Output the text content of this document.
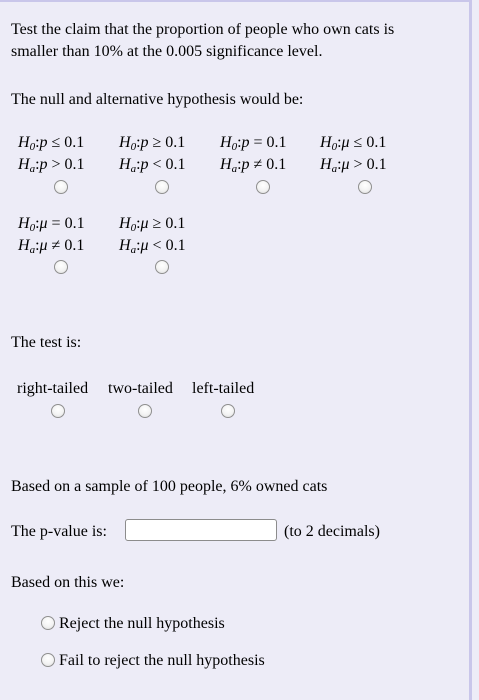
Test the claim that the proportion of people who own cats is
smaller than 10% at the 0.005 significance level.
The null and alternative hypothesis would be:
$H_0:p \le 0.1$
$H_a:p > 0.1$
$H_0:p \ge 0.1$
$H_a:p < 0.1$
$H_0:p = 0.1$
$H_a:p \ne 0.1$
$H_0:\mu \le 0.1$
$H_a:\mu > 0.1$
$H_0:\mu = 0.1$
$H_a:\mu \ne 0.1$
$H_0:\mu \ge 0.1$
$H_a:\mu < 0.1$
The test is:
right-tailed two-tailed left-tailed
Based on a sample of 100 people, 6% owned cats
The p-value is:	(to 2 decimals)
Based on this we:
Reject the null hypothesis
Fail to reject the null hypothesis
